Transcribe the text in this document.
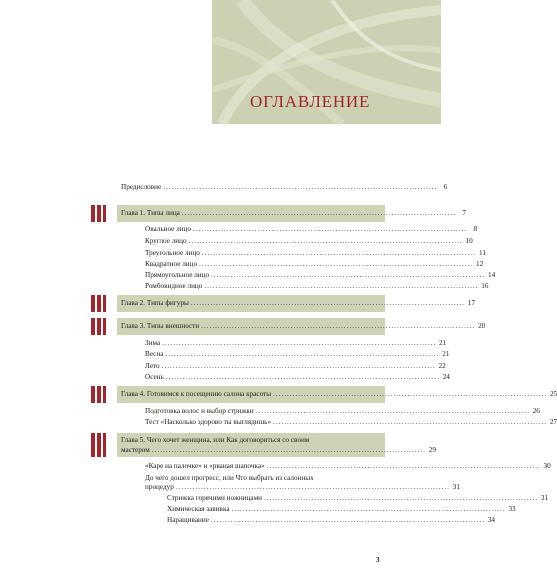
ОГЛАВЛЕНИЕ
Предисловие .................................................................................................. 6
Глава 1. Типы лица .................................................................................................. 7
Овальное лицо .................................................................................................. 8
Круглое лицо .................................................................................................. 10
Треугольное лицо .................................................................................................. 11
Квадратное лицо .................................................................................................. 12
Прямоугольное лицо .................................................................................................. 14
Ромбовидное лицо .................................................................................................. 16
Глава 2. Типы фигуры .................................................................................................. 17
Глава 3. Типы внешности .................................................................................................. 20
Зима .................................................................................................. 21
Весна .................................................................................................. 21
Лето .................................................................................................. 22
Осень .................................................................................................. 24
Глава 4. Готовимся к посещению салона красоты .................................................................................................. 25
Подготовка волос и выбор стрижки .................................................................................................. 26
Тест «Насколько здорово ты выглядишь» .................................................................................................. 27
Глава 5. Чего хочет женщина, или Как договориться со своим
мастером .................................................................................................. 29
«Каре на палочке» и «рваная шапочка» .................................................................................................. 30
До чего дошел прогресс, или Что выбрать из салонных
процедур .................................................................................................. 31
Стрижка горячими ножницами .................................................................................................. 31
Химическая завивка .................................................................................................. 33
Наращивание .................................................................................................. 34
3
